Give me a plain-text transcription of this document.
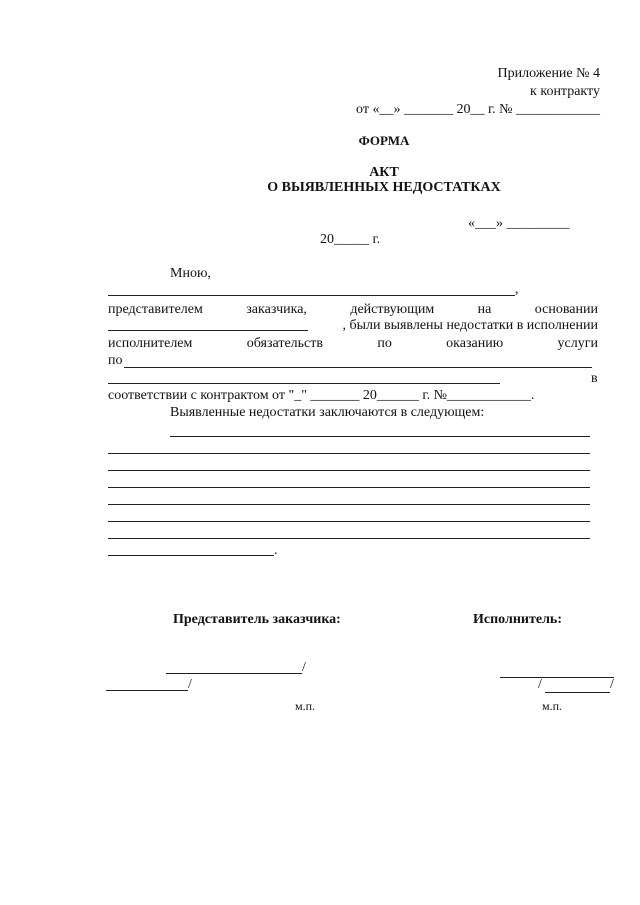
Приложение № 4
к контракту
от «__» _______ 20__ г. № ____________
ФОРМА
АКТ
О ВЫЯВЛЕННЫХ НЕДОСТАТКАХ
«___» _________
20_____ г.
Мною,
,
представителем	заказчика,	действующим	на	основании
, были выявлены недостатки в исполнении
исполнителем	обязательств	по	оказанию	услуги
по
в
соответствии с контрактом от "_" _______ 20______ г. №____________.
Выявленные недостатки заключаются в следующем:
.
Представитель заказчика:	Исполнитель:
/
/
м.п.
/	/
м.п.
